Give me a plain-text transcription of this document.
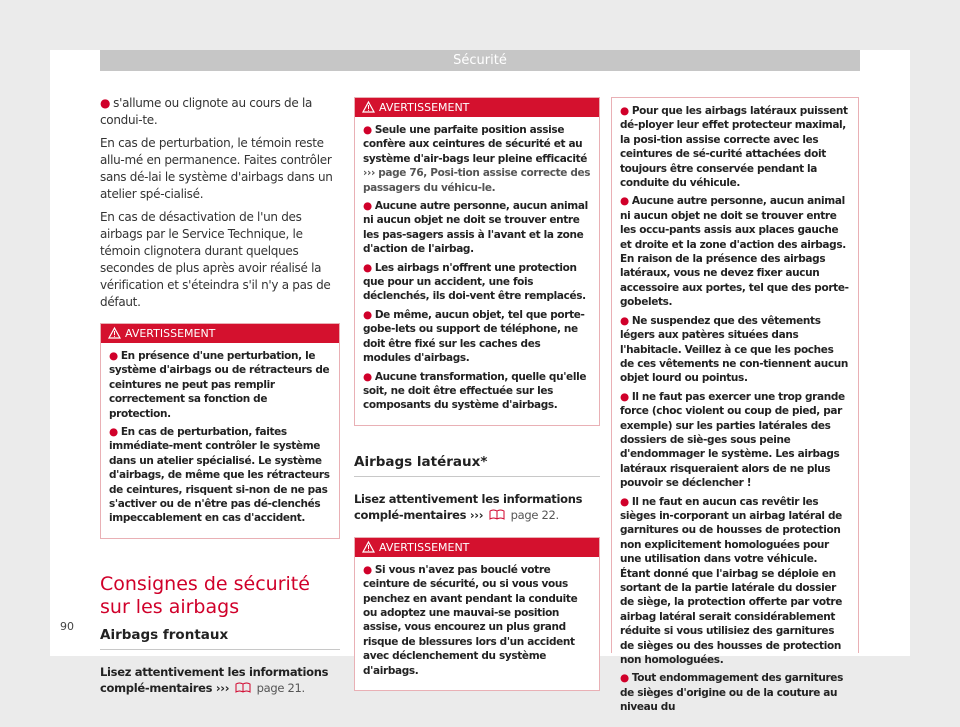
Sécurité

● s'allume ou clignote au cours de la condui-te.

En cas de perturbation, le témoin reste allu-mé en permanence. Faites contrôler sans dé-lai le système d'airbags dans un atelier spé-cialisé.

En cas de désactivation de l'un des airbags par le Service Technique, le témoin clignotera durant quelques secondes de plus après avoir réalisé la vérification et s'éteindra s'il n'y a pas de défaut.

AVERTISSEMENT
● En présence d'une perturbation, le système d'airbags ou de rétracteurs de ceintures ne peut pas remplir correctement sa fonction de protection.
● En cas de perturbation, faites immédiate-ment contrôler le système dans un atelier spécialisé. Le système d'airbags, de même que les rétracteurs de ceintures, risquent si-non de ne pas s'activer ou de n'être pas dé-clenchés impeccablement en cas d'accident.
Consignes de sécurité sur les airbags
Airbags frontaux
Lisez attentivement les informations complé-mentaires ››› page 21.
AVERTISSEMENT
● Seule une parfaite position assise confère aux ceintures de sécurité et au système d'air-bags leur pleine efficacité ››› page 76, Posi-tion assise correcte des passagers du véhicu-le.
● Aucune autre personne, aucun animal ni aucun objet ne doit se trouver entre les pas-sagers assis à l'avant et la zone d'action de l'airbag.
● Les airbags n'offrent une protection que pour un accident, une fois déclenchés, ils doi-vent être remplacés.
● De même, aucun objet, tel que porte-gobe-lets ou support de téléphone, ne doit être fixé sur les caches des modules d'airbags.
● Aucune transformation, quelle qu'elle soit, ne doit être effectuée sur les composants du système d'airbags.
Airbags latéraux*
Lisez attentivement les informations complé-mentaires ››› page 22.
AVERTISSEMENT
● Si vous n'avez pas bouclé votre ceinture de sécurité, ou si vous vous penchez en avant pendant la conduite ou adoptez une mauvai-se position assise, vous encourez un plus grand risque de blessures lors d'un accident avec déclenchement du système d'airbags.
● Pour que les airbags latéraux puissent dé-ployer leur effet protecteur maximal, la posi-tion assise correcte avec les ceintures de sé-curité attachées doit toujours être conservée pendant la conduite du véhicule.
● Aucune autre personne, aucun animal ni aucun objet ne doit se trouver entre les occu-pants assis aux places gauche et droite et la zone d'action des airbags. En raison de la présence des airbags latéraux, vous ne devez fixer aucun accessoire aux portes, tel que des porte-gobelets.
● Ne suspendez que des vêtements légers aux patères situées dans l'habitacle. Veillez à ce que les poches de ces vêtements ne con-tiennent aucun objet lourd ou pointus.
● Il ne faut pas exercer une trop grande force (choc violent ou coup de pied, par exemple) sur les parties latérales des dossiers de siè-ges sous peine d'endommager le système. Les airbags latéraux risqueraient alors de ne plus pouvoir se déclencher !
● Il ne faut en aucun cas revêtir les sièges in-corporant un airbag latéral de garnitures ou de housses de protection non explicitement homologuées pour une utilisation dans votre véhicule. Étant donné que l'airbag se déploie en sortant de la partie latérale du dossier de siège, la protection offerte par votre airbag latéral serait considérablement réduite si vous utilisiez des garnitures de sièges ou des housses de protection non homologuées.
● Tout endommagement des garnitures de sièges d'origine ou de la couture au niveau du
90
